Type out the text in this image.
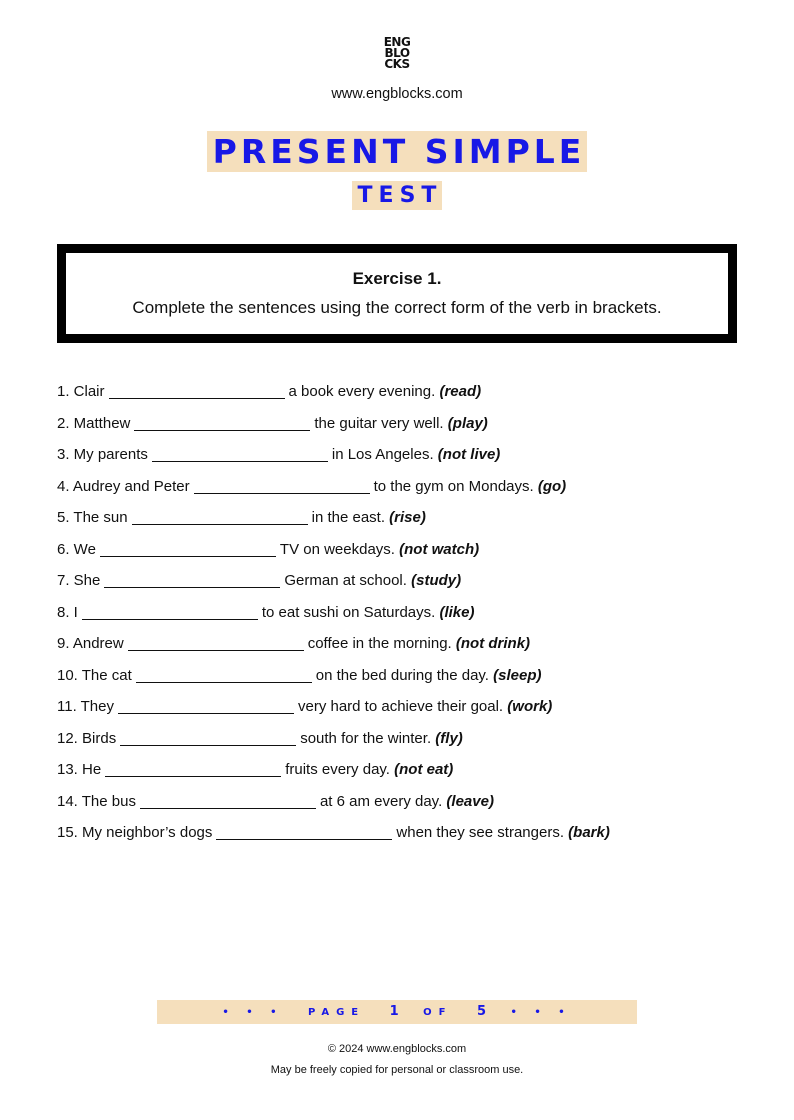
ENG
BLO
CKS
www.engblocks.com
PRESENT SIMPLE
TEST
Exercise 1.
Complete the sentences using the correct form of the verb in brackets.
1. Clair	a book every evening. (read)
2. Matthew	the guitar very well. (play)
3. My parents	in Los Angeles. (not live)
4. Audrey and Peter	to the gym on Mondays. (go)
5. The sun	in the east. (rise)
6. We	TV on weekdays. (not watch)
7. She	German at school. (study)
8. I	to eat sushi on Saturdays. (like)
9. Andrew	coffee in the morning. (not drink)
10. The cat	on the bed during the day. (sleep)
11. They	very hard to achieve their goal. (work)
12. Birds	south for the winter. (fly)
13. He	fruits every day. (not eat)
14. The bus	at 6 am every day. (leave)
15. My neighbor’s dogs	when they see strangers. (bark)
• • • PAGE 1 OF 5 • • •
© 2024 www.engblocks.com
May be freely copied for personal or classroom use.
